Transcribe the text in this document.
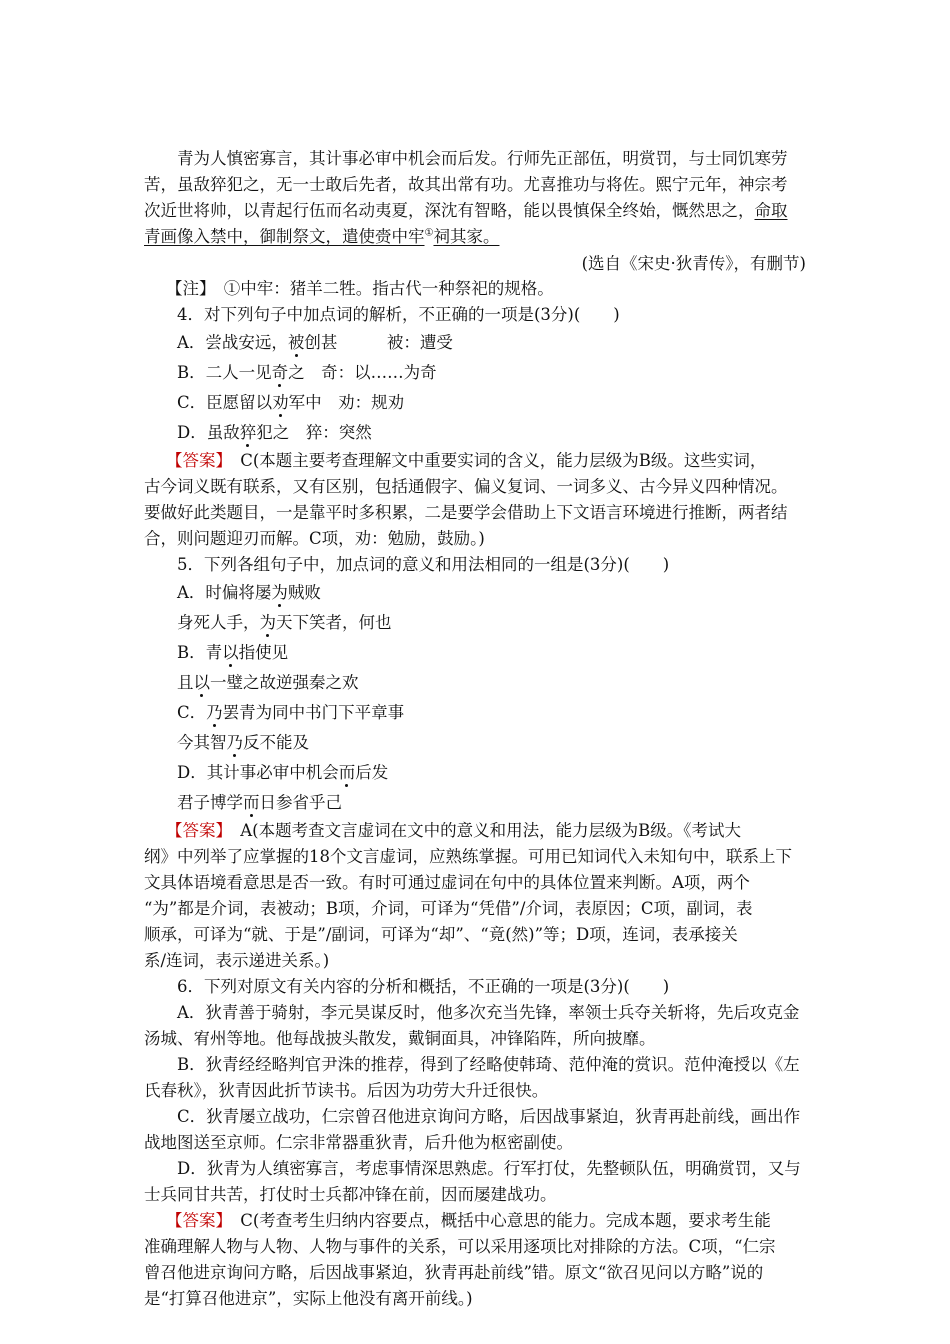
青为人慎密寡言，其计事必审中机会而后发。行师先正部伍，明赏罚，与士同饥寒劳

苦，虽敌猝犯之，无一士敢后先者，故其出常有功。尤喜推功与将佐。熙宁元年，神宗考

次近世将帅，以青起行伍而名动夷夏，深沈有智略，能以畏慎保全终始，慨然思之，命取

青画像入禁中，御制祭文，遣使赍中牢①祠其家。

(选自《宋史·狄青传》，有删节)

【注】　①中牢：猪羊二牲。指古代一种祭祀的规格。

4．对下列句子中加点词的解析，不正确的一项是(3分)(　　)

A．尝战安远，被创甚　　　被：遭受

B．二人一见奇之　奇：以……为奇

C．臣愿留以劝军中　劝：规劝

D．虽敌猝犯之　猝：突然

【答案】　C(本题主要考查理解文中重要实词的含义，能力层级为B级。这些实词，

古今词义既有联系，又有区别，包括通假字、偏义复词、一词多义、古今异义四种情况。

要做好此类题目，一是靠平时多积累，二是要学会借助上下文语言环境进行推断，两者结

合，则问题迎刃而解。C项，劝：勉励，鼓励。)

5．下列各组句子中，加点词的意义和用法相同的一组是(3分)(　　)

A．时偏将屡为贼败

身死人手，为天下笑者，何也

B．青以指使见

且以一璧之故逆强秦之欢

C．乃罢青为同中书门下平章事

今其智乃反不能及

D．其计事必审中机会而后发

君子博学而日参省乎己

【答案】　A(本题考查文言虚词在文中的意义和用法，能力层级为B级。《考试大

纲》中列举了应掌握的18个文言虚词，应熟练掌握。可用已知词代入未知句中，联系上下

文具体语境看意思是否一致。有时可通过虚词在句中的具体位置来判断。A项，两个

“为”都是介词，表被动；B项，介词，可译为“凭借”/介词，表原因；C项，副词，表

顺承，可译为“就、于是”/副词，可译为“却”、“竟(然)”等；D项，连词，表承接关

系/连词，表示递进关系。)

6．下列对原文有关内容的分析和概括，不正确的一项是(3分)(　　)

A．狄青善于骑射，李元昊谋反时，他多次充当先锋，率领士兵夺关斩将，先后攻克金

汤城、宥州等地。他每战披头散发，戴铜面具，冲锋陷阵，所向披靡。

B．狄青经经略判官尹洙的推荐，得到了经略使韩琦、范仲淹的赏识。范仲淹授以《左

氏春秋》，狄青因此折节读书。后因为功劳大升迁很快。

C．狄青屡立战功，仁宗曾召他进京询问方略，后因战事紧迫，狄青再赴前线，画出作

战地图送至京师。仁宗非常器重狄青，后升他为枢密副使。

D．狄青为人缜密寡言，考虑事情深思熟虑。行军打仗，先整顿队伍，明确赏罚，又与

士兵同甘共苦，打仗时士兵都冲锋在前，因而屡建战功。

【答案】　C(考查考生归纳内容要点，概括中心意思的能力。完成本题，要求考生能

准确理解人物与人物、人物与事件的关系，可以采用逐项比对排除的方法。C项，“仁宗

曾召他进京询问方略，后因战事紧迫，狄青再赴前线”错。原文“欲召见问以方略”说的

是“打算召他进京”，实际上他没有离开前线。)
